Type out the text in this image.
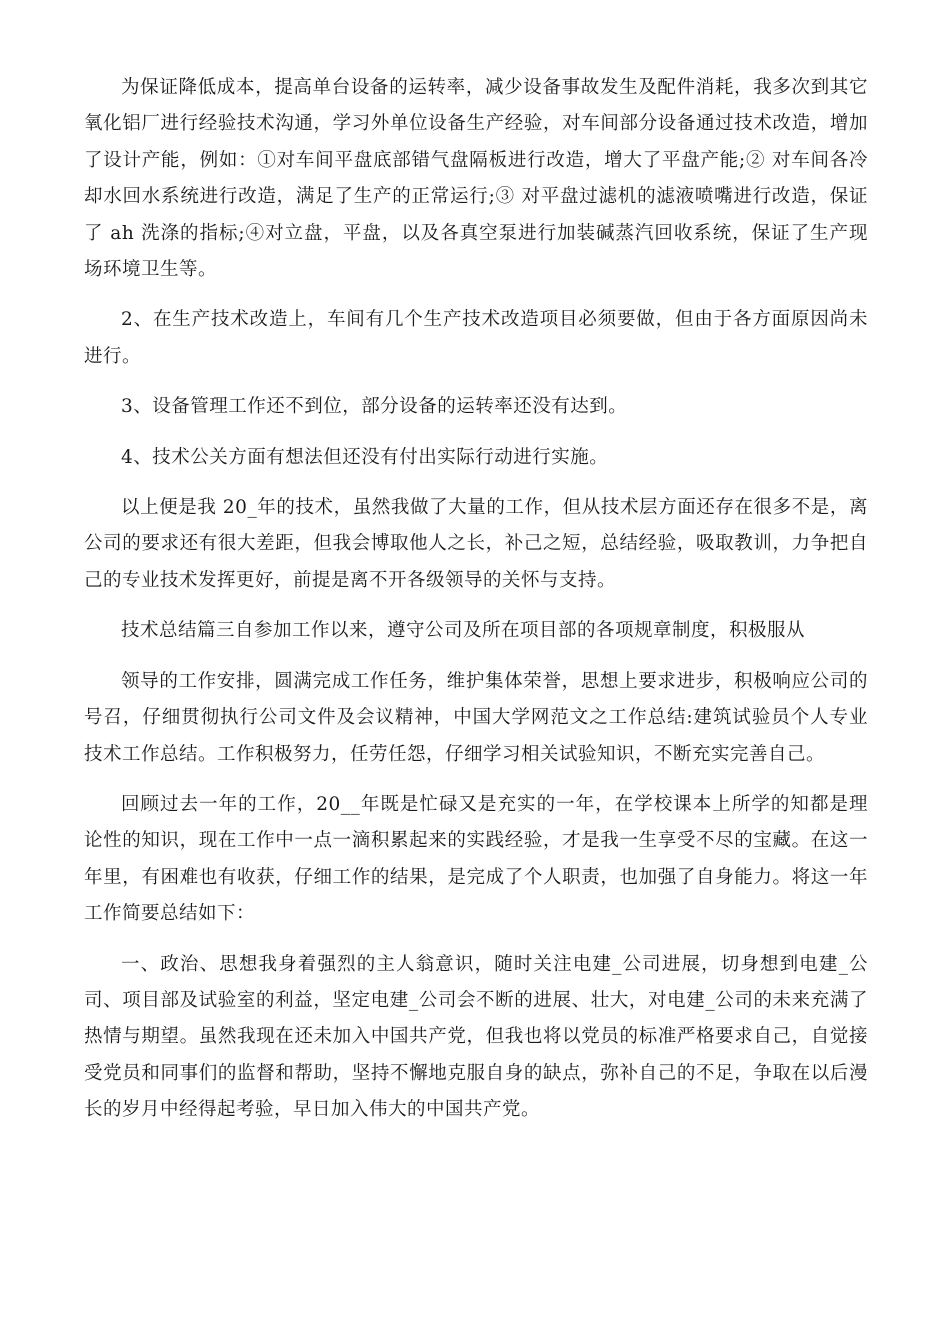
为保证降低成本，提高单台设备的运转率，减少设备事故发生及配件消耗，我多次到其它氧化铝厂进行经验技术沟通，学习外单位设备生产经验，对车间部分设备通过技术改造，增加了设计产能，例如：①对车间平盘底部错气盘隔板进行改造，增大了平盘产能;② 对车间各冷却水回水系统进行改造，满足了生产的正常运行;③ 对平盘过滤机的滤液喷嘴进行改造，保证了 ah 洗涤的指标;④对立盘，平盘，以及各真空泵进行加装碱蒸汽回收系统，保证了生产现场环境卫生等。

2、在生产技术改造上，车间有几个生产技术改造项目必须要做，但由于各方面原因尚未进行。

3、设备管理工作还不到位，部分设备的运转率还没有达到。

4、技术公关方面有想法但还没有付出实际行动进行实施。

以上便是我 20_年的技术，虽然我做了大量的工作，但从技术层方面还存在很多不是，离公司的要求还有很大差距，但我会博取他人之长，补己之短，总结经验，吸取教训，力争把自己的专业技术发挥更好，前提是离不开各级领导的关怀与支持。

技术总结篇三自参加工作以来，遵守公司及所在项目部的各项规章制度，积极服从

领导的工作安排，圆满完成工作任务，维护集体荣誉，思想上要求进步，积极响应公司的号召，仔细贯彻执行公司文件及会议精神，中国大学网范文之工作总结:建筑试验员个人专业技术工作总结。工作积极努力，任劳任怨，仔细学习相关试验知识，不断充实完善自己。

回顾过去一年的工作，20__年既是忙碌又是充实的一年，在学校课本上所学的知都是理论性的知识，现在工作中一点一滴积累起来的实践经验，才是我一生享受不尽的宝藏。在这一年里，有困难也有收获，仔细工作的结果，是完成了个人职责，也加强了自身能力。将这一年工作简要总结如下：

一、政治、思想我身着强烈的主人翁意识，随时关注电建_公司进展，切身想到电建_公司、项目部及试验室的利益，坚定电建_公司会不断的进展、壮大，对电建_公司的未来充满了热情与期望。虽然我现在还未加入中国共产党，但我也将以党员的标准严格要求自己，自觉接受党员和同事们的监督和帮助，坚持不懈地克服自身的缺点，弥补自己的不足，争取在以后漫长的岁月中经得起考验，早日加入伟大的中国共产党。
